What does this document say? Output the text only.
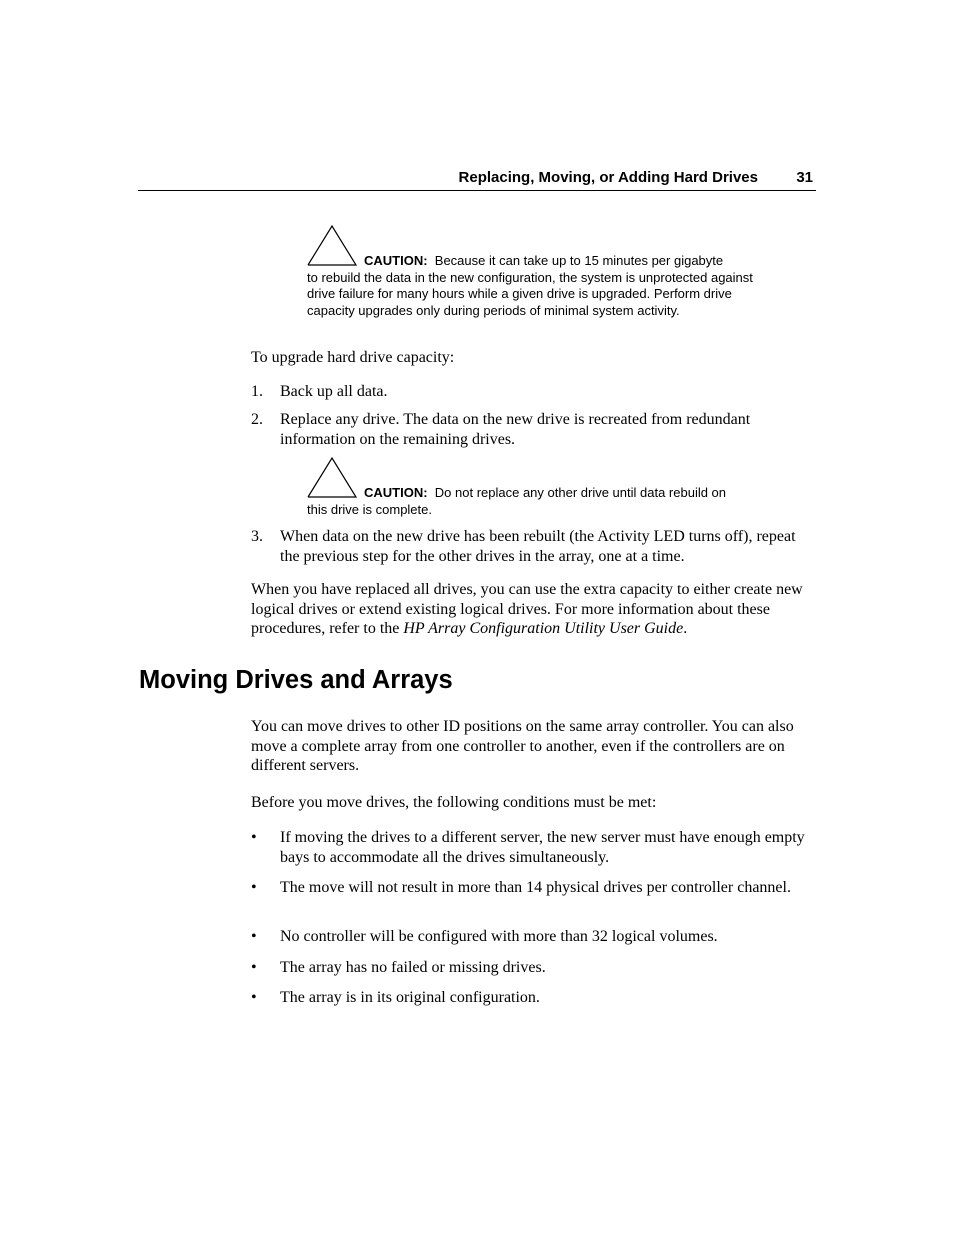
Replacing, Moving, or Adding Hard Drives	31
CAUTION: Because it can take up to 15 minutes per gigabyte
to rebuild the data in the new configuration, the system is unprotected against drive failure for many hours while a given drive is upgraded. Perform drive capacity upgrades only during periods of minimal system activity.
To upgrade hard drive capacity:
1. Back up all data.
2. Replace any drive. The data on the new drive is recreated from redundant information on the remaining drives.
CAUTION: Do not replace any other drive until data rebuild on
this drive is complete.
3. When data on the new drive has been rebuilt (the Activity LED turns off), repeat the previous step for the other drives in the array, one at a time.
When you have replaced all drives, you can use the extra capacity to either create new logical drives or extend existing logical drives. For more information about these procedures, refer to the HP Array Configuration Utility User Guide.
Moving Drives and Arrays
You can move drives to other ID positions on the same array controller. You can also move a complete array from one controller to another, even if the controllers are on different servers.
Before you move drives, the following conditions must be met:
• If moving the drives to a different server, the new server must have enough empty bays to accommodate all the drives simultaneously.
• The move will not result in more than 14 physical drives per controller channel.
• No controller will be configured with more than 32 logical volumes.
• The array has no failed or missing drives.
• The array is in its original configuration.
